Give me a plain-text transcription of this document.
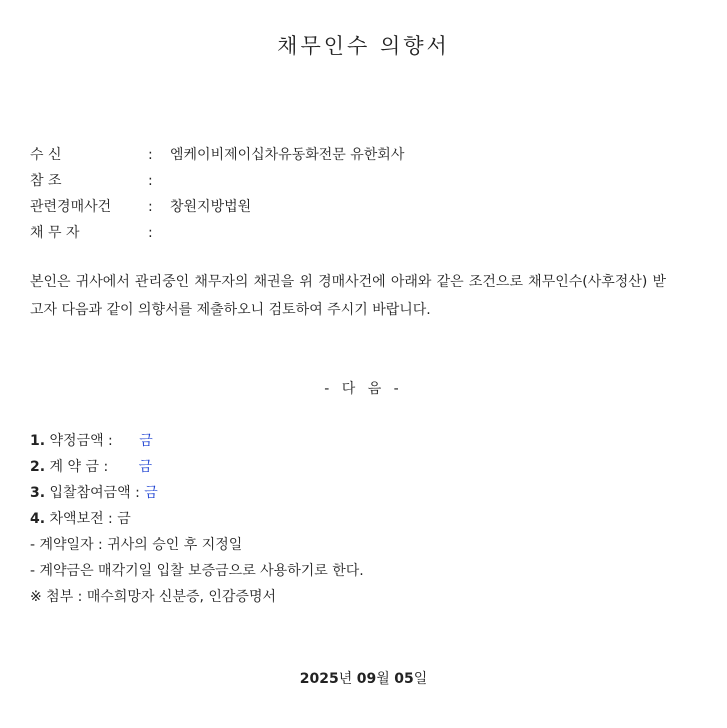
채무인수 의향서
수 신	:	엠케이비제이십차유동화전문 유한회사
참 조	:
관련경매사건	:	창원지방법원
채 무 자	:
본인은 귀사에서 관리중인 채무자의 채권을 위 경매사건에 아래와 같은 조건으로 채무인수(사후정산) 받고자 다음과 같이 의향서를 제출하오니 검토하여 주시기 바랍니다.
- 다 음 -
1. 약정금액 : 금
2. 계 약 금 : 금
3. 입찰참여금액 : 금
4. 차액보전 : 금
- 계약일자 : 귀사의 승인 후 지정일
- 계약금은 매각기일 입찰 보증금으로 사용하기로 한다.
※ 첨부 : 매수희망자 신분증, 인감증명서
2025년 09월 05일
